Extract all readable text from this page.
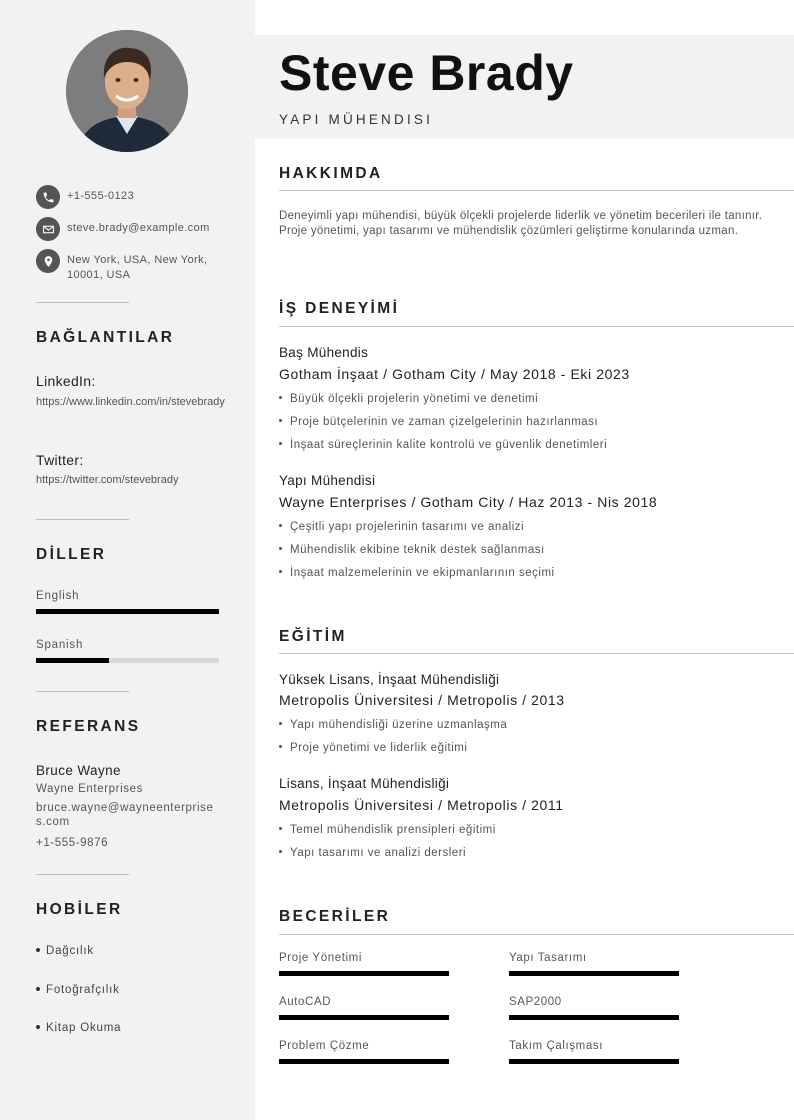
+1-555-0123
steve.brady@example.com
New York, USA, New York, 10001, USA
BAĞLANTILAR
LinkedIn:
https://www.linkedin.com/in/stevebrady
Twitter:
https://twitter.com/stevebrady
DİLLER
English
Spanish
REFERANS
Bruce Wayne
Wayne Enterprises
bruce.wayne@wayneenterprises.com
+1-555-9876
HOBİLER
Dağcılık
Fotoğrafçılık
Kitap Okuma
Steve Brady
YAPI MÜHENDISI
HAKKIMDA
Deneyimli yapı mühendisi, büyük ölçekli projelerde liderlik ve yönetim becerileri ile tanınır. Proje yönetimi, yapı tasarımı ve mühendislik çözümleri geliştirme konularında uzman.
İŞ DENEYİMİ
Baş Mühendis
Gotham İnşaat / Gotham City / May 2018 - Eki 2023
Büyük ölçekli projelerin yönetimi ve denetimi
Proje bütçelerinin ve zaman çizelgelerinin hazırlanması
İnşaat süreçlerinin kalite kontrolü ve güvenlik denetimleri
Yapı Mühendisi
Wayne Enterprises / Gotham City / Haz 2013 - Nis 2018
Çeşitli yapı projelerinin tasarımı ve analizi
Mühendislik ekibine teknik destek sağlanması
İnşaat malzemelerinin ve ekipmanlarının seçimi
EĞİTİM
Yüksek Lisans, İnşaat Mühendisliği
Metropolis Üniversitesi / Metropolis / 2013
Yapı mühendisliği üzerine uzmanlaşma
Proje yönetimi ve liderlik eğitimi
Lisans, İnşaat Mühendisliği
Metropolis Üniversitesi / Metropolis / 2011
Temel mühendislik prensipleri eğitimi
Yapı tasarımı ve analizi dersleri
BECERİLER
Proje Yönetimi	Yapı Tasarımı
AutoCAD	SAP2000
Problem Çözme	Takım Çalışması
